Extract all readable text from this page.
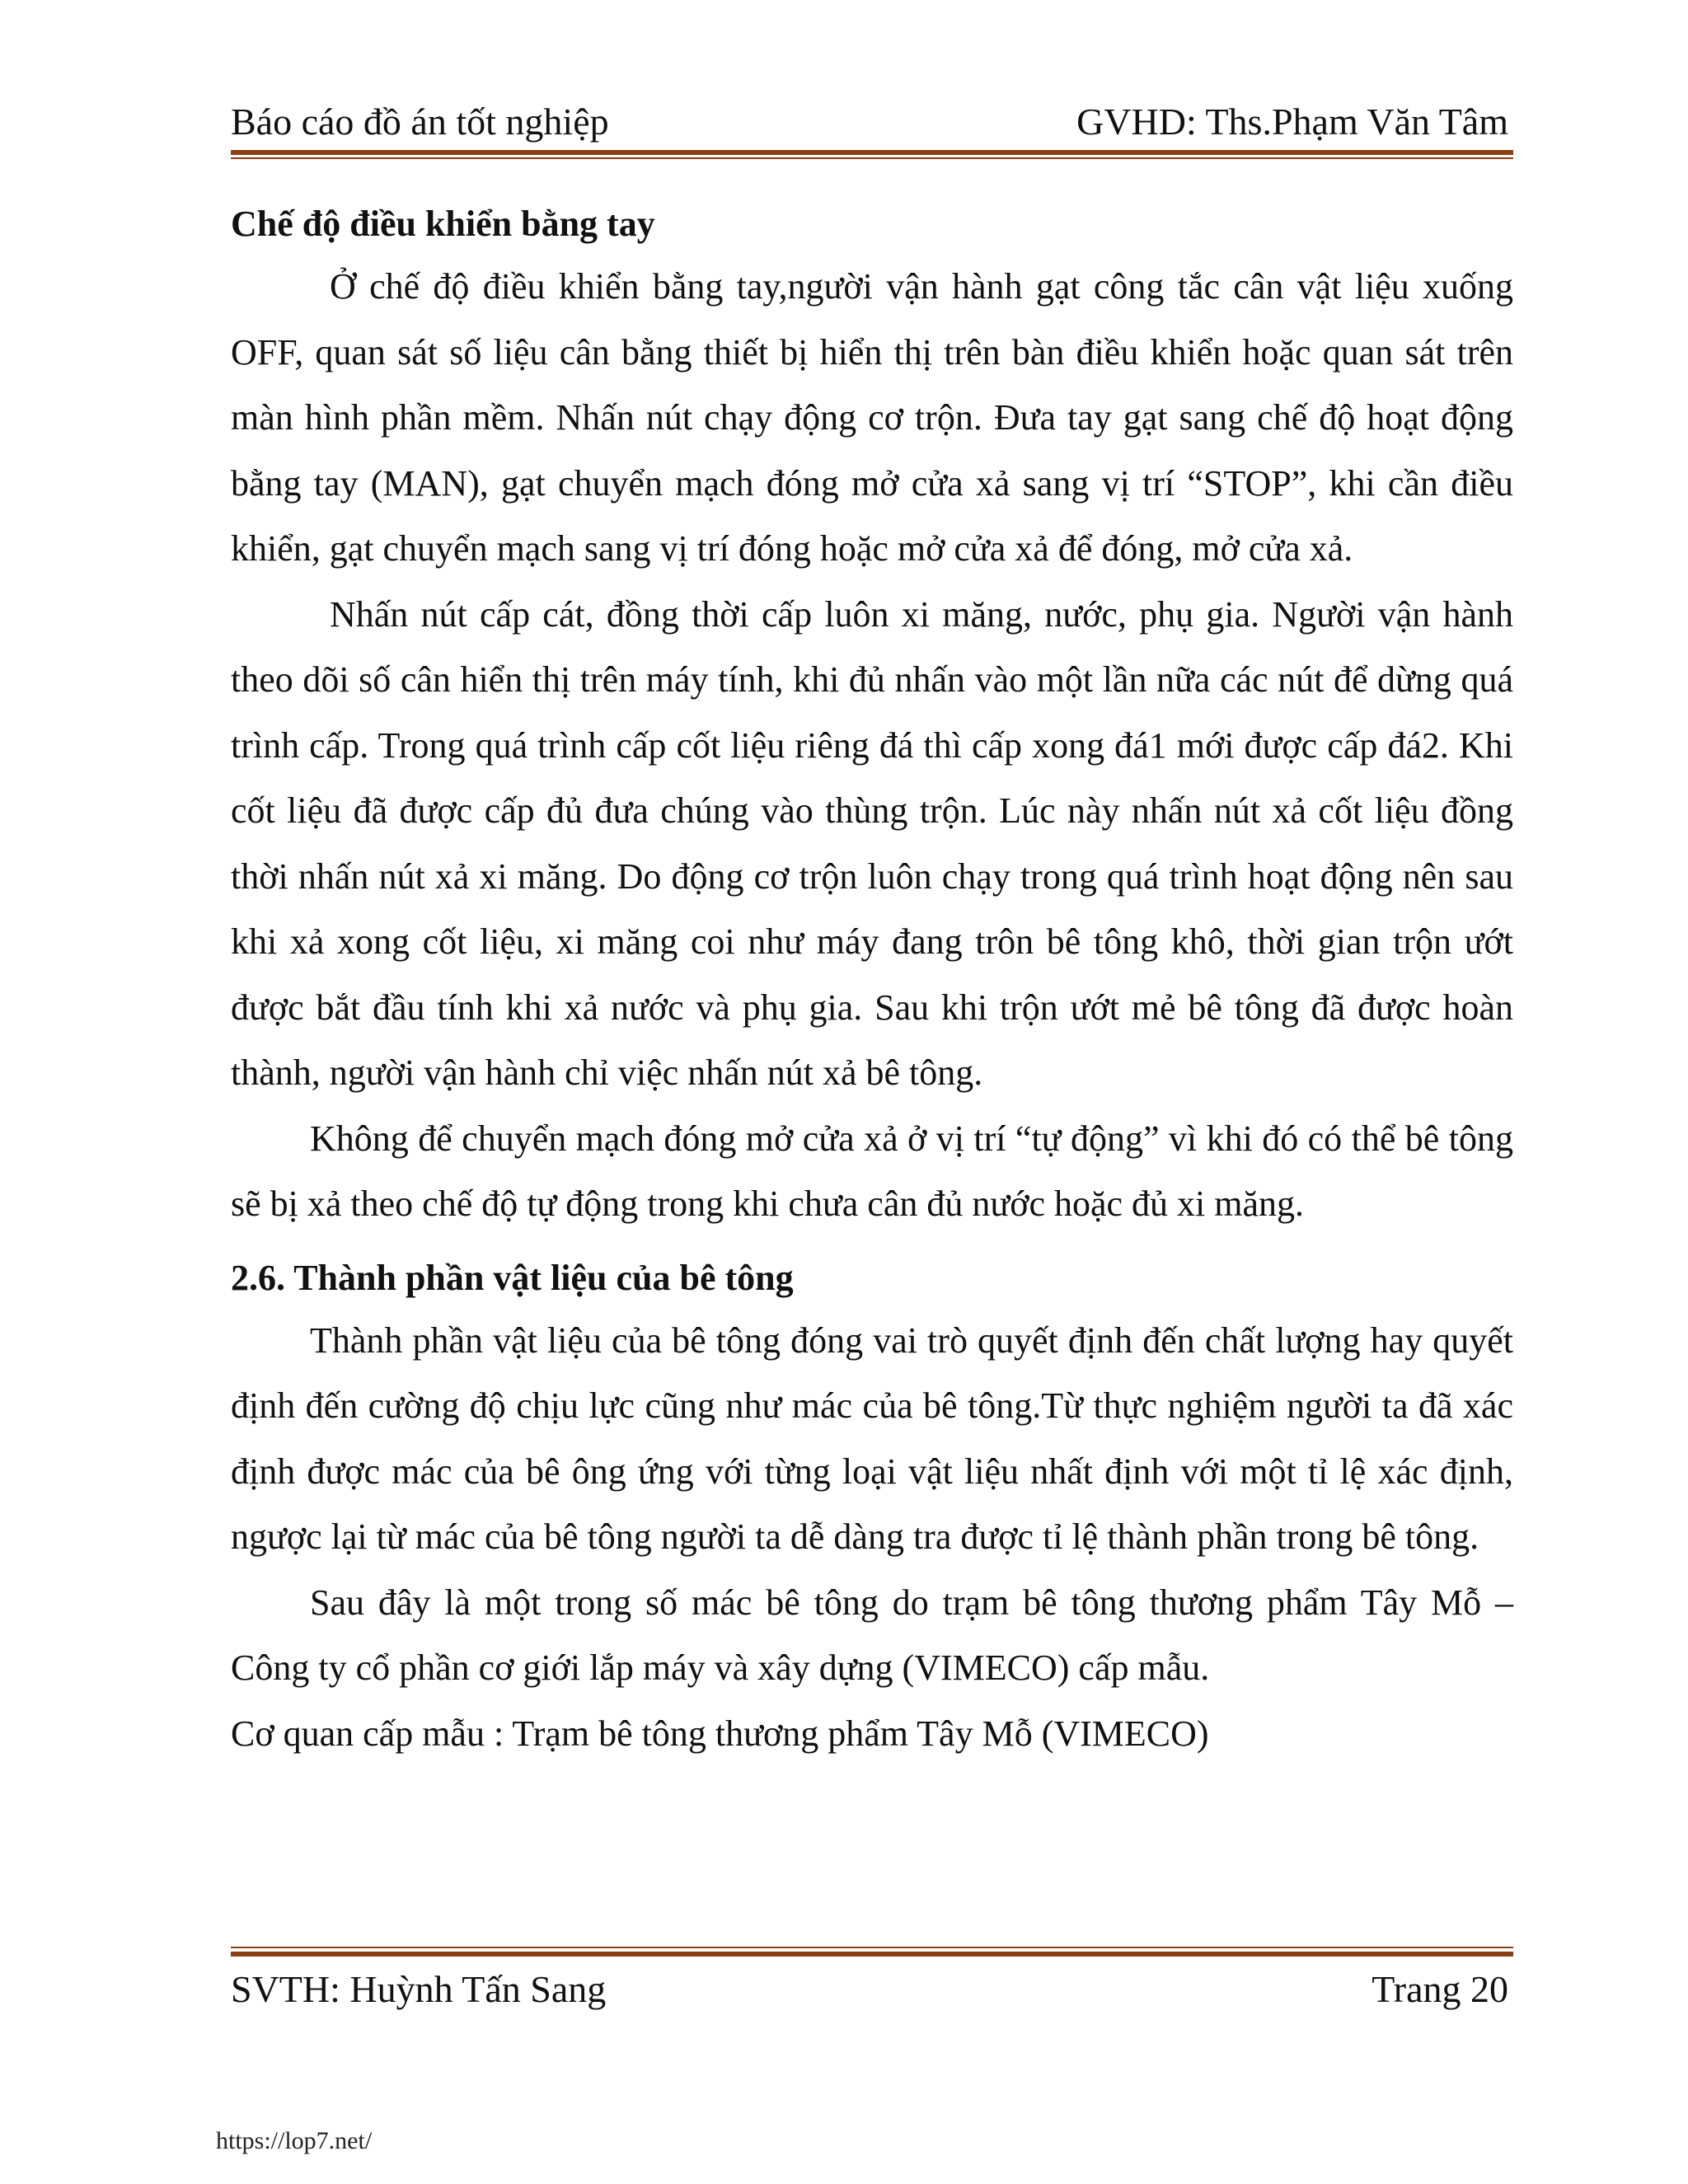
Báo cáo đồ án tốt nghiệp	GVHD: Ths.Phạm Văn Tâm

Chế độ điều khiển bằng tay

Ở chế độ điều khiển bằng tay,người vận hành gạt công tắc cân vật liệu xuống OFF, quan sát số liệu cân bằng thiết bị hiển thị trên bàn điều khiển hoặc quan sát trên màn hình phần mềm. Nhấn nút chạy động cơ trộn. Đưa tay gạt sang chế độ hoạt động bằng tay (MAN), gạt chuyển mạch đóng mở cửa xả sang vị trí “STOP”, khi cần điều khiển, gạt chuyển mạch sang vị trí đóng hoặc mở cửa xả để đóng, mở cửa xả.

Nhấn nút cấp cát, đồng thời cấp luôn xi măng, nước, phụ gia. Người vận hành theo dõi số cân hiển thị trên máy tính, khi đủ nhấn vào một lần nữa các nút để dừng quá trình cấp. Trong quá trình cấp cốt liệu riêng đá thì cấp xong đá1 mới được cấp đá2. Khi cốt liệu đã được cấp đủ đưa chúng vào thùng trộn. Lúc này nhấn nút xả cốt liệu đồng thời nhấn nút xả xi măng. Do động cơ trộn luôn chạy trong quá trình hoạt động nên sau khi xả xong cốt liệu, xi măng coi như máy đang trôn bê tông khô, thời gian trộn ướt được bắt đầu tính khi xả nước và phụ gia. Sau khi trộn ướt mẻ bê tông đã được hoàn thành, người vận hành chỉ việc nhấn nút xả bê tông.

Không để chuyển mạch đóng mở cửa xả ở vị trí “tự động” vì khi đó có thể bê tông sẽ bị xả theo chế độ tự động trong khi chưa cân đủ nước hoặc đủ xi măng.

2.6. Thành phần vật liệu của bê tông

Thành phần vật liệu của bê tông đóng vai trò quyết định đến chất lượng hay quyết định đến cường độ chịu lực cũng như mác của bê tông.Từ thực nghiệm người ta đã xác định được mác của bê ông ứng với từng loại vật liệu nhất định với một tỉ lệ xác định, ngược lại từ mác của bê tông người ta dễ dàng tra được tỉ lệ thành phần trong bê tông.

Sau đây là một trong số mác bê tông do trạm bê tông thương phẩm Tây Mỗ – Công ty cổ phần cơ giới lắp máy và xây dựng (VIMECO) cấp mẫu.

Cơ quan cấp mẫu : Trạm bê tông thương phẩm Tây Mỗ (VIMECO)

SVTH: Huỳnh Tấn Sang	Trang 20
https://lop7.net/
